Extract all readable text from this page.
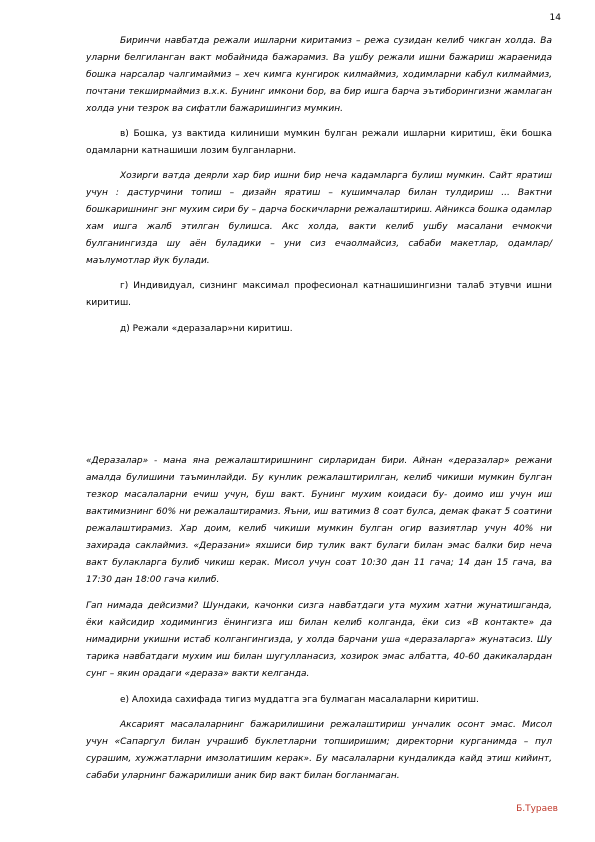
14

Биринчи навбатда режали ишларни киритамиз – режа сузидан келиб чикган холда. Ва уларни белгиланган вакт мобайнида бажарамиз. Ва ушбу режали ишни бажариш жараенида бошка нарсалар чалгимаймиз – хеч кимга кунгирок килмаймиз, ходимларни кабул килмаймиз, почтани текширмаймиз в.х.к. Бунинг имкони бор, ва бир ишга барча эътиборингизни жамлаган холда уни тезрок ва сифатли бажаришингиз мумкин.

в) Бошка, уз вактида килиниши мумкин булган режали ишларни киритиш, ёки бошка одамларни катнашиши лозим булганларни.

Хозирги ватда деярли хар бир ишни бир неча кадамларга булиш мумкин. Сайт яратиш учун : дастурчини топиш – дизайн яратиш – кушимчалар билан тулдириш ... Вактни бошкаришнинг энг мухим сири бу – дарча боскичларни режалаштириш. Айникса бошка одамлар хам ишга жалб этилган булишса. Акс холда, вакти келиб ушбу масалани ечмокчи булганингизда шу аён буладики – уни сиз ечаолмайсиз, сабаби макетлар, одамлар/маълумотлар йук булади.

г) Индивидуал, сизнинг максимал професионал катнашишингизни талаб этувчи ишни киритиш.

д) Режали «деразалар»ни киритиш.

«Деразалар» - мана яна режалаштиришнинг сирларидан бири. Айнан «деразалар» режани амалда булишини таъминлайди. Бу кунлик режалаштирилган, келиб чикиши мумкин булган тезкор масалаларни ечиш учун, буш вакт. Бунинг мухим коидаси бу- доимо иш учун иш вактимизнинг 60% ни режалаштирамиз. Яъни, иш ватимиз 8 соат булса, демак факат 5 соатини режалаштирамиз. Хар доим, келиб чикиши мумкин булган огир вазиятлар учун 40% ни захирада саклаймиз. «Деразани» яхшиси бир тулик вакт булаги билан эмас балки бир неча вакт булакларга булиб чикиш керак. Мисол учун соат 10:30 дан 11 гача; 14 дан 15 гача, ва 17:30 дан 18:00 гача килиб.

Гап нимада дейсизми? Шундаки, качонки сизга навбатдаги ута мухим хатни жунатишганда, ёки кайсидир ходимингиз ёнингизга иш билан келиб колганда, ёки сиз «В контакте» да нимадирни укишни истаб колгангингизда, у холда барчани уша «деразаларга» жунатасиз. Шу тарика навбатдаги мухим иш билан шугулланасиз, хозирок эмас албатта, 40-60 дакикалардан сунг – якин орадаги «дераза» вакти келганда.

е) Алохида сахифада тигиз муддатга эга булмаган масалаларни киритиш.

Аксарият масалаларнинг бажарилишини режалаштириш унчалик осонт эмас. Мисол учун «Сапаргул билан учрашиб буклетларни топширишим; директорни курганимда – пул сурашим, хужжатларни имзолатишим керак». Бу масалаларни кундаликда кайд этиш кийинт, сабаби уларнинг бажарилиши аник бир вакт билан богланмаган.

Б.Тураев
